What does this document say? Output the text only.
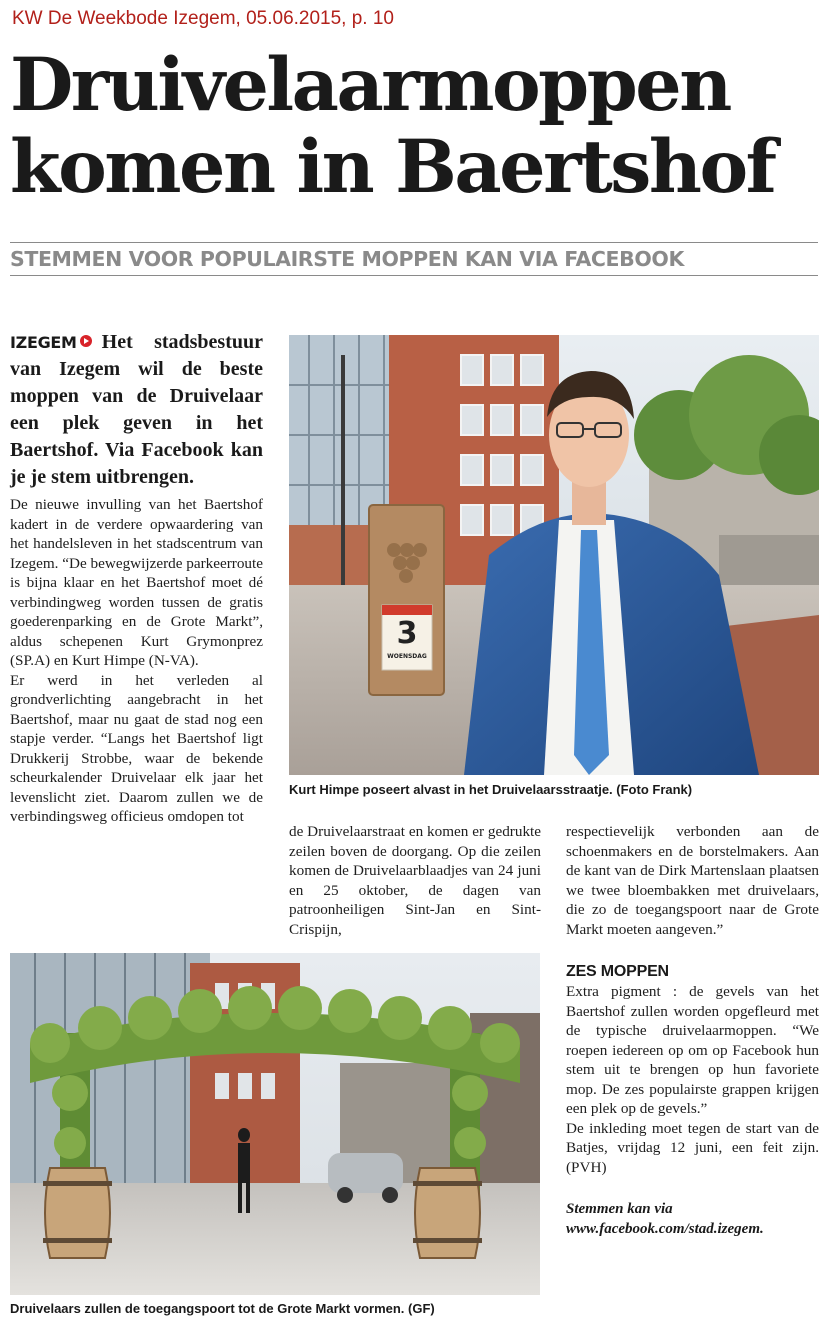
KW De Weekbode Izegem, 05.06.2015, p. 10
Druivelaarmoppen
komen in Baertshof
STEMMEN VOOR POPULAIRSTE MOPPEN KAN VIA FACEBOOK

IZEGEM Het stadsbestuur van Izegem wil de beste moppen van de Druivelaar een plek geven in het Baertshof. Via Facebook kan je je stem uitbrengen.

De nieuwe invulling van het Baertshof kadert in de verdere opwaardering van het handelsleven in het stadscentrum van Izegem. “De bewegwijzerde parkeerroute is bijna klaar en het Baertshof moet dé verbindingweg worden tussen de gratis goederenparking en de Grote Markt”, aldus schepenen Kurt Grymonprez (SP.A) en Kurt Himpe (N-VA).

Er werd in het verleden al grondverlichting aangebracht in het Baertshof, maar nu gaat de stad nog een stapje verder. “Langs het Baertshof ligt Drukkerij Strobbe, waar de bekende scheurkalender Druivelaar elk jaar het levenslicht ziet. Daarom zullen we de verbindingsweg officieus omdopen tot

3
WOENSDAG
Kurt Himpe poseert alvast in het Druivelaarsstraatje. (Foto Frank)

de Druivelaarstraat en komen er gedrukte zeilen boven de doorgang. Op die zeilen komen de Druivelaarblaadjes van 24 juni en 25 oktober, de dagen van patroonheiligen Sint-Jan en Sint-Crispijn,

respectievelijk verbonden aan de schoenmakers en de borstelmakers. Aan de kant van de Dirk Martenslaan plaatsen we twee bloembakken met druivelaars, die zo de toegangspoort naar de Grote Markt moeten aangeven.”

ZES MOPPEN

Extra pigment : de gevels van het Baertshof zullen worden opgefleurd met de typische druivelaarmoppen. “We roepen iedereen op om op Facebook hun stem uit te brengen op hun favoriete mop. De zes populairste grappen krijgen een plek op de gevels.”

De inkleding moet tegen de start van de Batjes, vrijdag 12 juni, een feit zijn. (PVH)

Stemmen kan via www.facebook.com/stad.izegem.
Druivelaars zullen de toegangspoort tot de Grote Markt vormen. (GF)
